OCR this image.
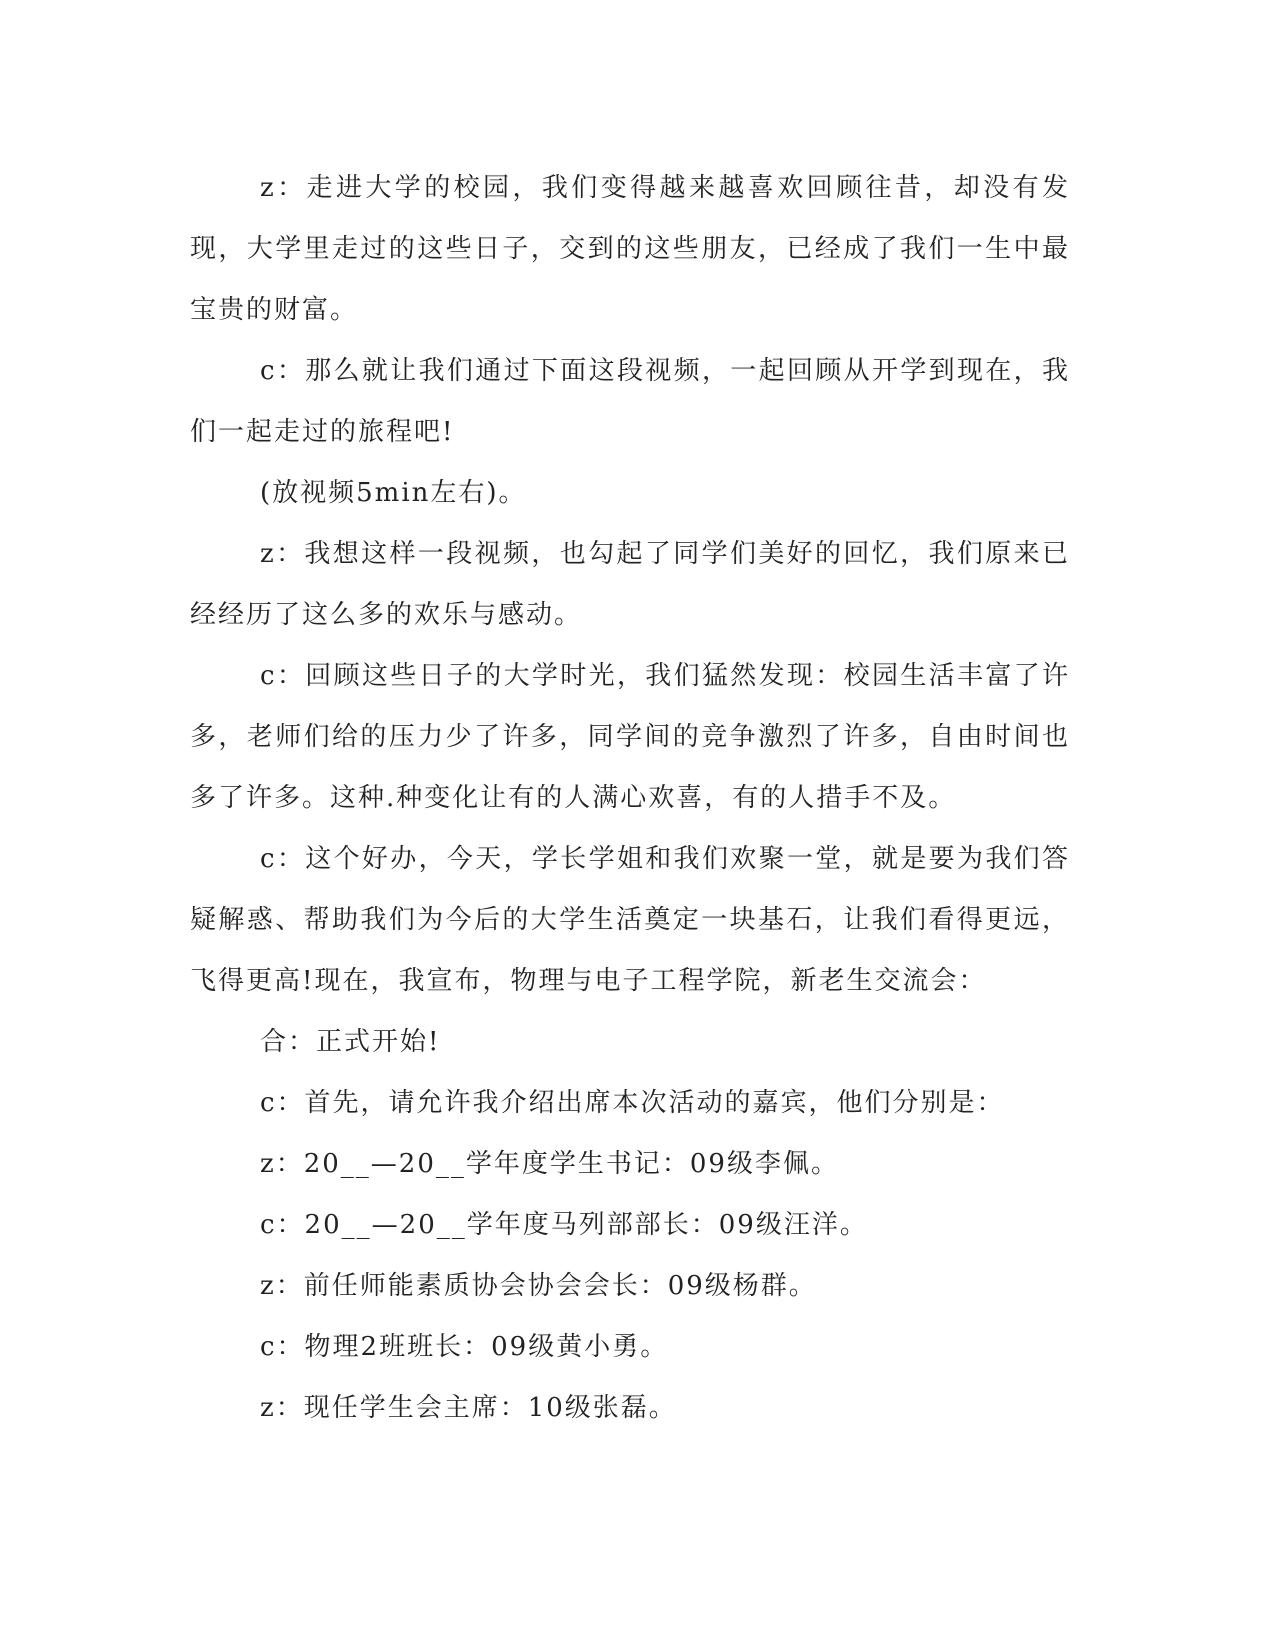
z：走进大学的校园，我们变得越来越喜欢回顾往昔，却没有发现，大学里走过的这些日子，交到的这些朋友，已经成了我们一生中最宝贵的财富。

c：那么就让我们通过下面这段视频，一起回顾从开学到现在，我们一起走过的旅程吧!

(放视频5min左右)。

z：我想这样一段视频，也勾起了同学们美好的回忆，我们原来已经经历了这么多的欢乐与感动。

c：回顾这些日子的大学时光，我们猛然发现：校园生活丰富了许多，老师们给的压力少了许多，同学间的竞争激烈了许多，自由时间也多了许多。这种.种变化让有的人满心欢喜，有的人措手不及。

c：这个好办，今天，学长学姐和我们欢聚一堂，就是要为我们答疑解惑、帮助我们为今后的大学生活奠定一块基石，让我们看得更远，飞得更高!现在，我宣布，物理与电子工程学院，新老生交流会：

合：正式开始!

c：首先，请允许我介绍出席本次活动的嘉宾，他们分别是：

z：20__—20__学年度学生书记：09级李佩。

c：20__—20__学年度马列部部长：09级汪洋。

z：前任师能素质协会协会会长：09级杨群。

c：物理2班班长：09级黄小勇。

z：现任学生会主席：10级张磊。
